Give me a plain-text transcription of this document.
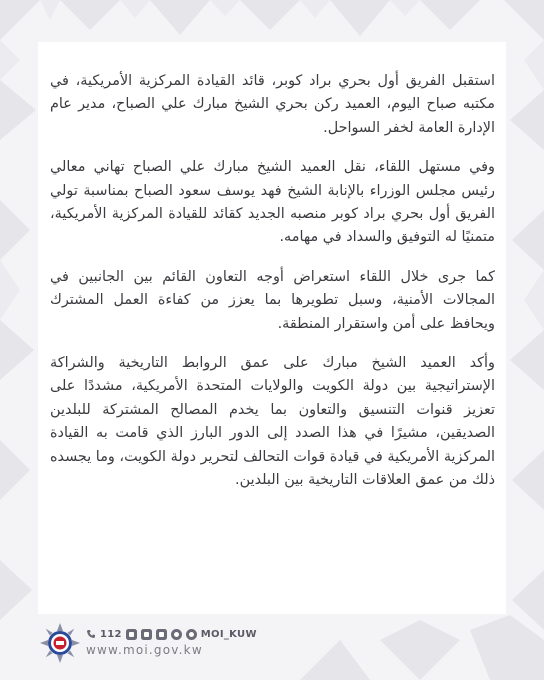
استقبل الفريق أول بحري براد كوبر، قائد القيادة المركزية الأمريكية، في مكتبه صباح اليوم، العميد ركن بحري الشيخ مبارك علي الصباح، مدير عام الإدارة العامة لخفر السواحل.

وفي مستهل اللقاء، نقل العميد الشيخ مبارك علي الصباح تهاني معالي رئيس مجلس الوزراء بالإنابة الشيخ فهد يوسف سعود الصباح بمناسبة تولي الفريق أول بحري براد كوبر منصبه الجديد كقائد للقيادة المركزية الأمريكية، متمنيًا له التوفيق والسداد في مهامه.

كما جرى خلال اللقاء استعراض أوجه التعاون القائم بين الجانبين في المجالات الأمنية، وسبل تطويرها بما يعزز من كفاءة العمل المشترك ويحافظ على أمن واستقرار المنطقة.

وأكد العميد الشيخ مبارك على عمق الروابط التاريخية والشراكة الإستراتيجية بين دولة الكويت والولايات المتحدة الأمريكية، مشددًا على تعزيز قنوات التنسيق والتعاون بما يخدم المصالح المشتركة للبلدين الصديقين، مشيرًا في هذا الصدد إلى الدور البارز الذي قامت به القيادة المركزية الأمريكية في قيادة قوات التحالف لتحرير دولة الكويت، وما يجسده ذلك من عمق العلاقات التاريخية بين البلدين.

112	MOI_KUW
www.moi.gov.kw
